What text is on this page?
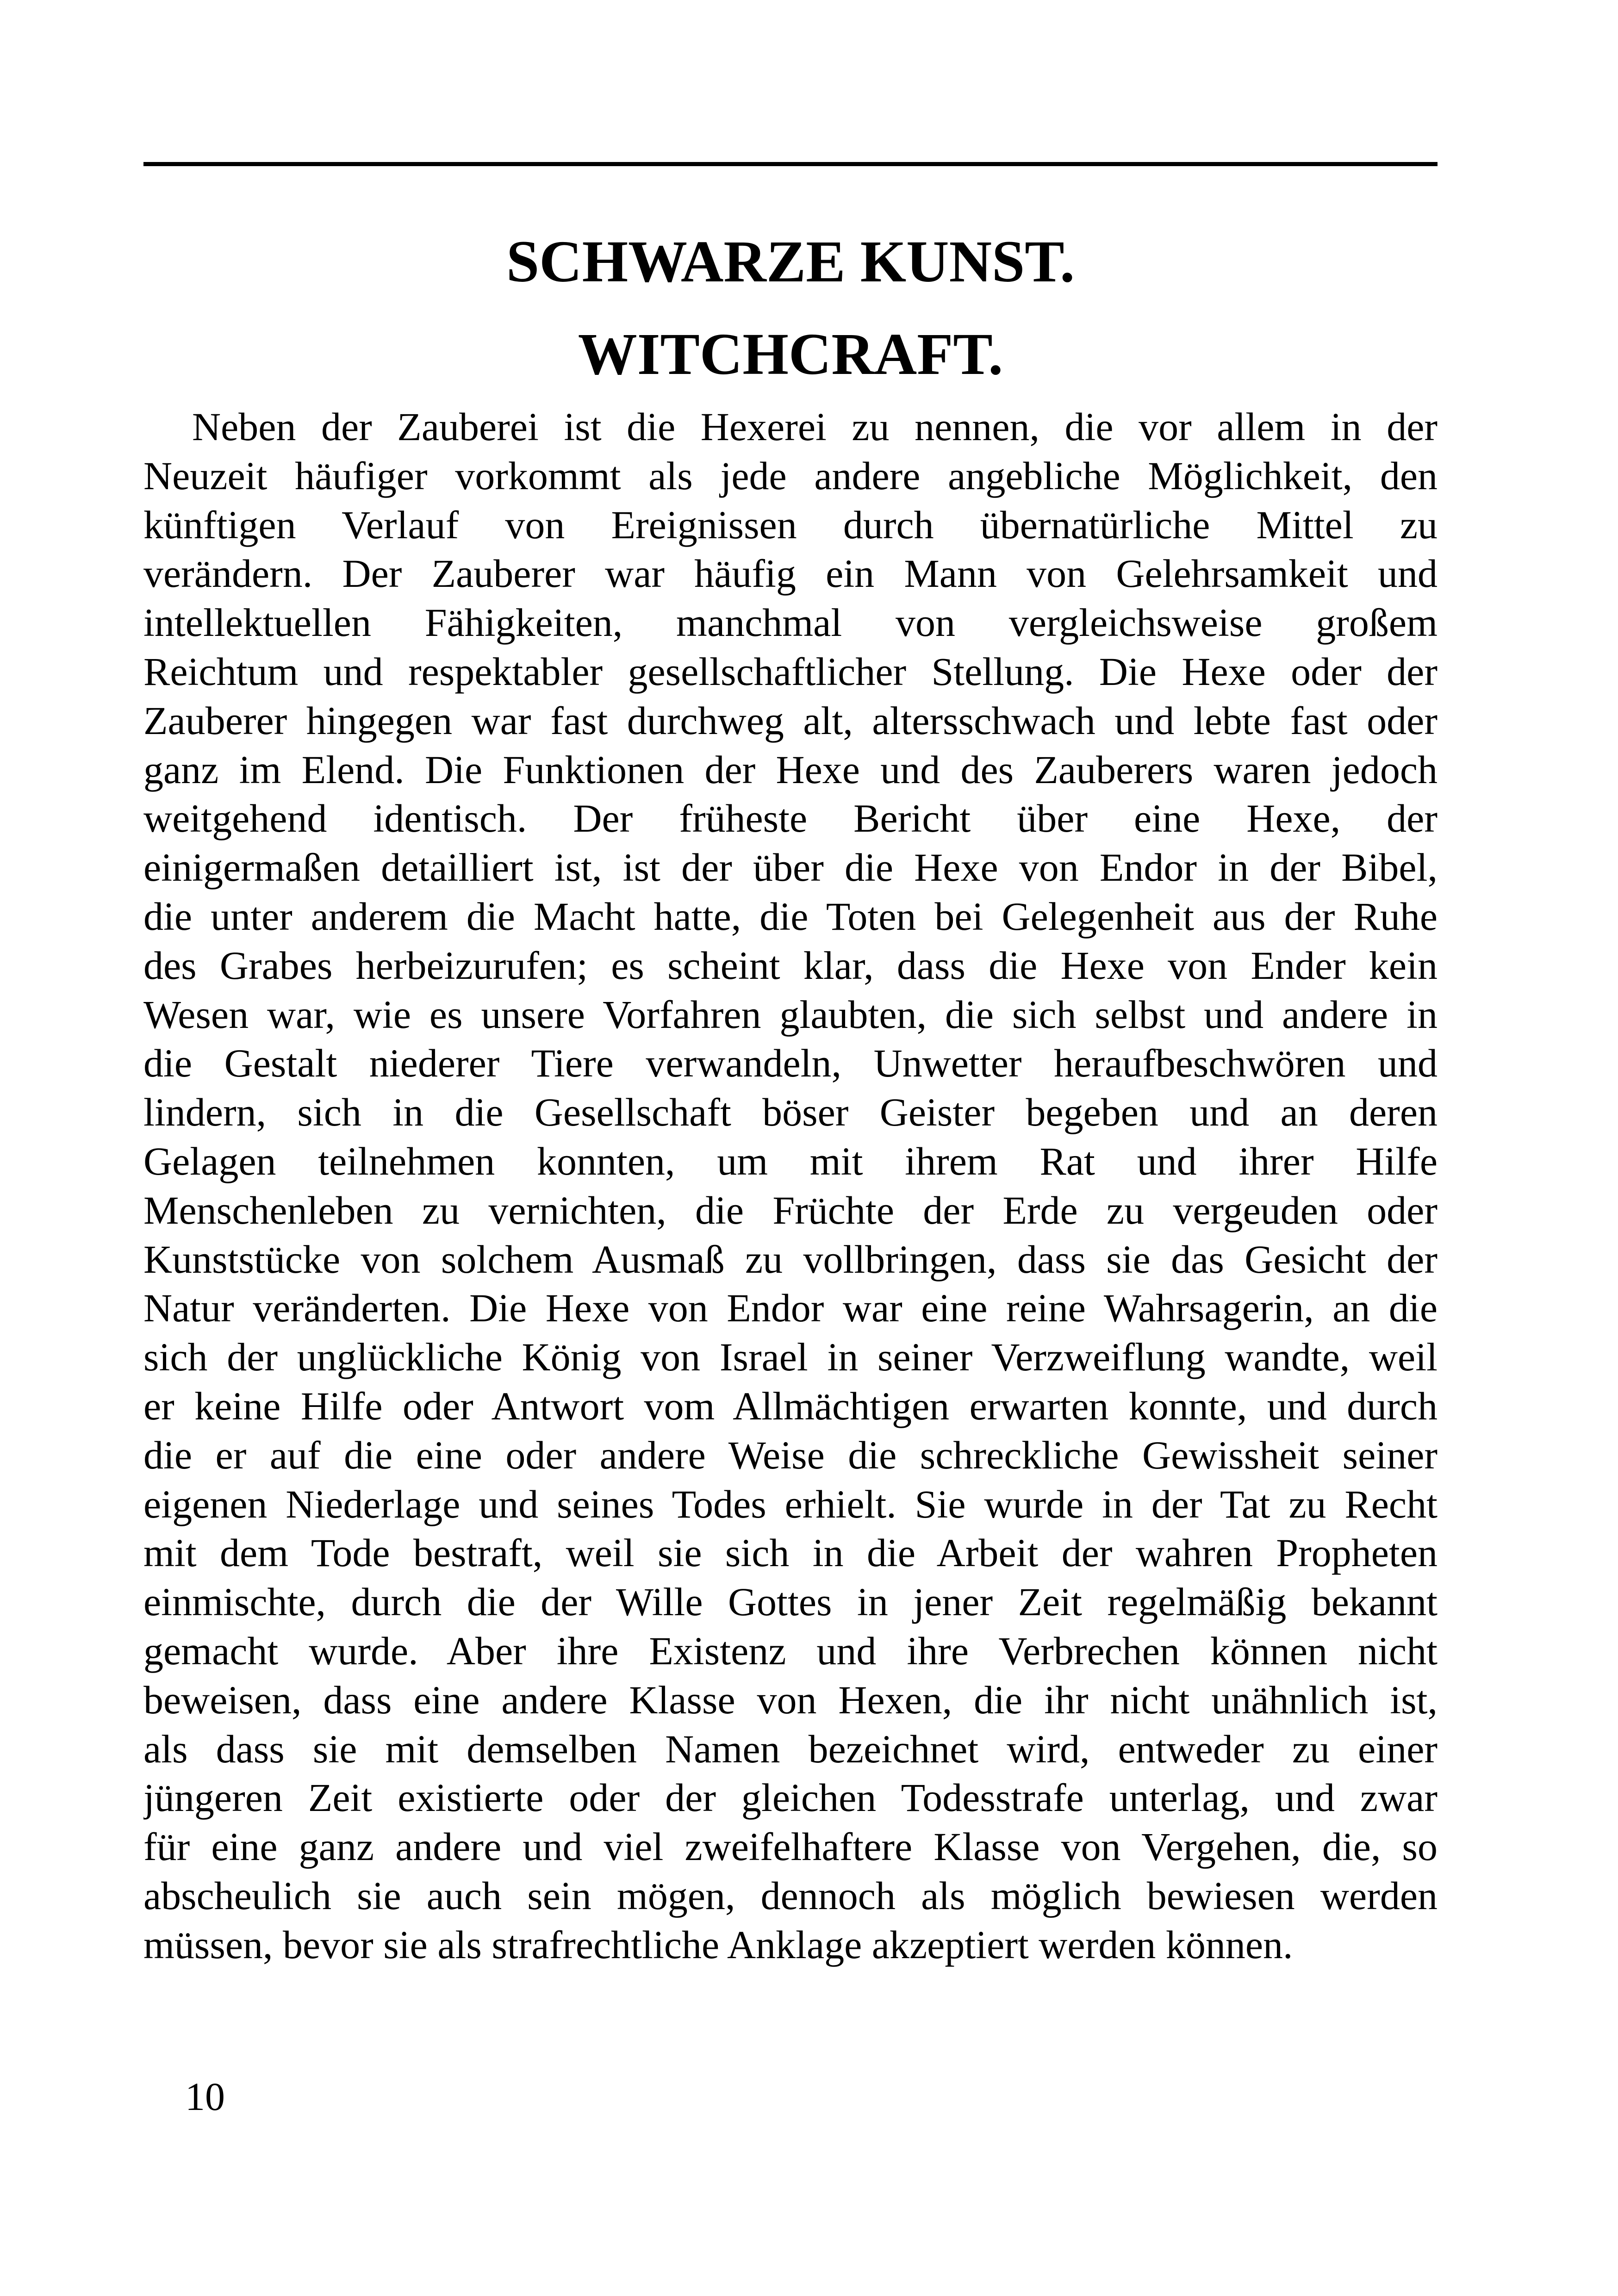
SCHWARZE KUNST.
WITCHCRAFT.
Neben der Zauberei ist die Hexerei zu nennen, die vor allem in der
Neuzeit häufiger vorkommt als jede andere angebliche Möglichkeit, den
künftigen Verlauf von Ereignissen durch übernatürliche Mittel zu
verändern. Der Zauberer war häufig ein Mann von Gelehrsamkeit und
intellektuellen Fähigkeiten, manchmal von vergleichsweise großem
Reichtum und respektabler gesellschaftlicher Stellung. Die Hexe oder der
Zauberer hingegen war fast durchweg alt, altersschwach und lebte fast oder
ganz im Elend. Die Funktionen der Hexe und des Zauberers waren jedoch
weitgehend identisch. Der früheste Bericht über eine Hexe, der
einigermaßen detailliert ist, ist der über die Hexe von Endor in der Bibel,
die unter anderem die Macht hatte, die Toten bei Gelegenheit aus der Ruhe
des Grabes herbeizurufen; es scheint klar, dass die Hexe von Ender kein
Wesen war, wie es unsere Vorfahren glaubten, die sich selbst und andere in
die Gestalt niederer Tiere verwandeln, Unwetter heraufbeschwören und
lindern, sich in die Gesellschaft böser Geister begeben und an deren
Gelagen teilnehmen konnten, um mit ihrem Rat und ihrer Hilfe
Menschenleben zu vernichten, die Früchte der Erde zu vergeuden oder
Kunststücke von solchem Ausmaß zu vollbringen, dass sie das Gesicht der
Natur veränderten. Die Hexe von Endor war eine reine Wahrsagerin, an die
sich der unglückliche König von Israel in seiner Verzweiflung wandte, weil
er keine Hilfe oder Antwort vom Allmächtigen erwarten konnte, und durch
die er auf die eine oder andere Weise die schreckliche Gewissheit seiner
eigenen Niederlage und seines Todes erhielt. Sie wurde in der Tat zu Recht
mit dem Tode bestraft, weil sie sich in die Arbeit der wahren Propheten
einmischte, durch die der Wille Gottes in jener Zeit regelmäßig bekannt
gemacht wurde. Aber ihre Existenz und ihre Verbrechen können nicht
beweisen, dass eine andere Klasse von Hexen, die ihr nicht unähnlich ist,
als dass sie mit demselben Namen bezeichnet wird, entweder zu einer
jüngeren Zeit existierte oder der gleichen Todesstrafe unterlag, und zwar
für eine ganz andere und viel zweifelhaftere Klasse von Vergehen, die, so
abscheulich sie auch sein mögen, dennoch als möglich bewiesen werden
müssen, bevor sie als strafrechtliche Anklage akzeptiert werden können.
10
